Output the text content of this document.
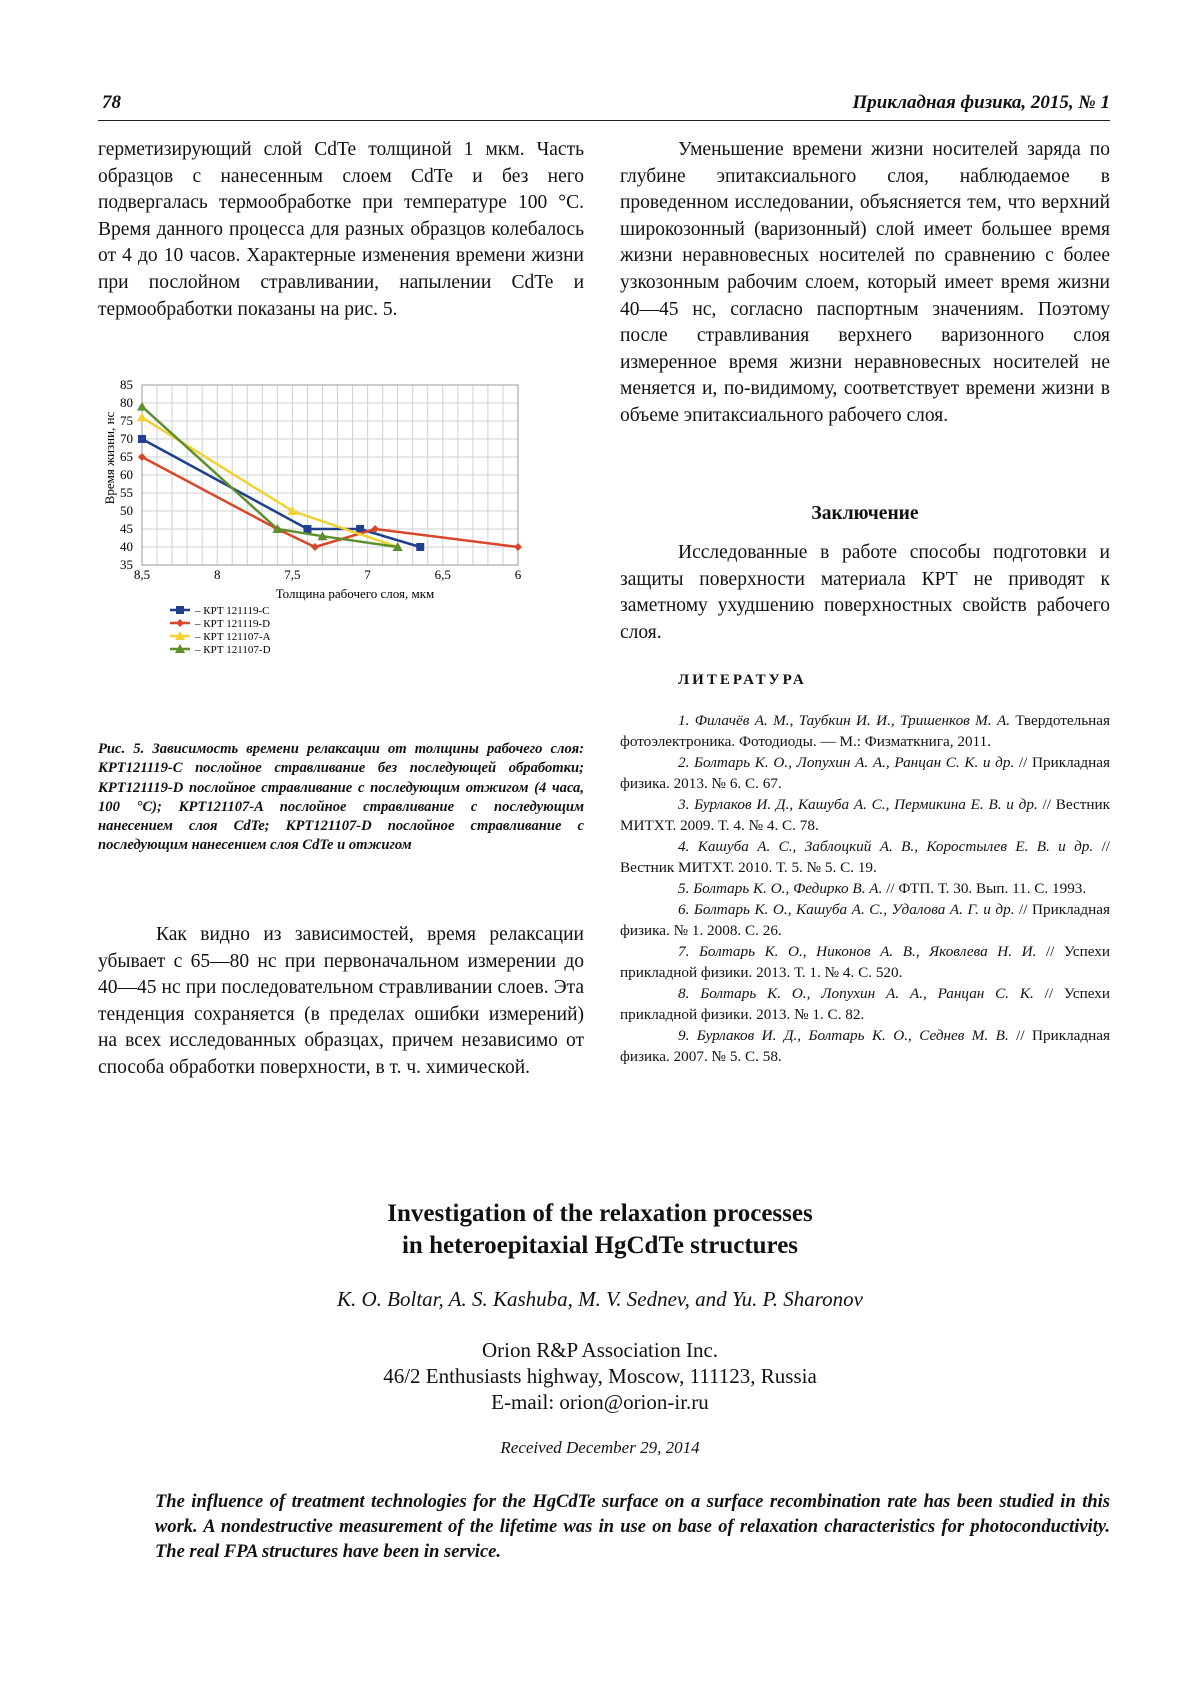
78	Прикладная физика, 2015, № 1

герметизирующий слой CdTe толщиной 1 мкм. Часть образцов с нанесенным слоем CdTe и без него подвергалась термообработке при температуре 100 °C. Время данного процесса для разных образцов колебалось от 4 до 10 часов. Характерные изменения времени жизни при послойном стравливании, напылении CdTe и термообработки показаны на рис. 5.

35
40
45
50
55
60
65
70
75
80
85
8,5	8	7,5	7	6,5	6
Время жизни, нс
Толщина рабочего слоя, мкм
– КРТ 121119-C
– КРТ 121119-D
– КРТ 121107-A
– КРТ 121107-D
Рис. 5. Зависимость времени релаксации от толщины рабочего слоя: КРТ121119-C послойное стравливание без последующей обработки; КРТ121119-D послойное стравливание с последующим отжигом (4 часа, 100 °C); КРТ121107-A послойное стравливание с последующим нанесением слоя CdTe; КРТ121107-D послойное стравливание с последующим нанесением слоя CdTe и отжигом

Как видно из зависимостей, время релаксации убывает с 65—80 нс при первоначальном измерении до 40—45 нс при последовательном стравливании слоев. Эта тенденция сохраняется (в пределах ошибки измерений) на всех исследованных образцах, причем независимо от способа обработки поверхности, в т. ч. химической.

Уменьшение времени жизни носителей заряда по глубине эпитаксиального слоя, наблюдаемое в проведенном исследовании, объясняется тем, что верхний широкозонный (варизонный) слой имеет большее время жизни неравновесных носителей по сравнению с более узкозонным рабочим слоем, который имеет время жизни 40—45 нс, согласно паспортным значениям. Поэтому после стравливания верхнего варизонного слоя измеренное время жизни неравновесных носителей не меняется и, по-видимому, соответствует времени жизни в объеме эпитаксиального рабочего слоя.

Заключение

Исследованные в работе способы подготовки и защиты поверхности материала КРТ не приводят к заметному ухудшению поверхностных свойств рабочего слоя.

ЛИТЕРАТУРА

1. Филачёв А. М., Таубкин И. И., Тришенков М. А. Твердотельная фотоэлектроника. Фотодиоды. — М.: Физматкнига, 2011.

2. Болтарь К. О., Лопухин А. А., Ранцан С. К. и др. // Прикладная физика. 2013. № 6. С. 67.

3. Бурлаков И. Д., Кашуба А. С., Пермикина Е. В. и др. // Вестник МИТХТ. 2009. Т. 4. № 4. С. 78.

4. Кашуба А. С., Заблоцкий А. В., Коростылев Е. В. и др. // Вестник МИТХТ. 2010. Т. 5. № 5. С. 19.

5. Болтарь К. О., Федирко В. А. // ФТП. Т. 30. Вып. 11. С. 1993.

6. Болтарь К. О., Кашуба А. С., Удалова А. Г. и др. // Прикладная физика. № 1. 2008. С. 26.

7. Болтарь К. О., Никонов А. В., Яковлева Н. И. // Успехи прикладной физики. 2013. Т. 1. № 4. С. 520.

8. Болтарь К. О., Лопухин А. А., Ранцан С. К. // Успехи прикладной физики. 2013. № 1. С. 82.

9. Бурлаков И. Д., Болтарь К. О., Седнев М. В. // Прикладная физика. 2007. № 5. С. 58.

Investigation of the relaxation processes
in heteroepitaxial HgCdTe structures
K. O. Boltar, A. S. Kashuba, M. V. Sednev, and Yu. P. Sharonov
Orion R&P Association Inc.
46/2 Enthusiasts highway, Moscow, 111123, Russia
E-mail: orion@orion-ir.ru
Received December 29, 2014
The influence of treatment technologies for the HgCdTe surface on a surface recombination rate has been studied in this work. A nondestructive measurement of the lifetime was in use on base of relaxation characteristics for photoconductivity. The real FPA structures have been in service.
